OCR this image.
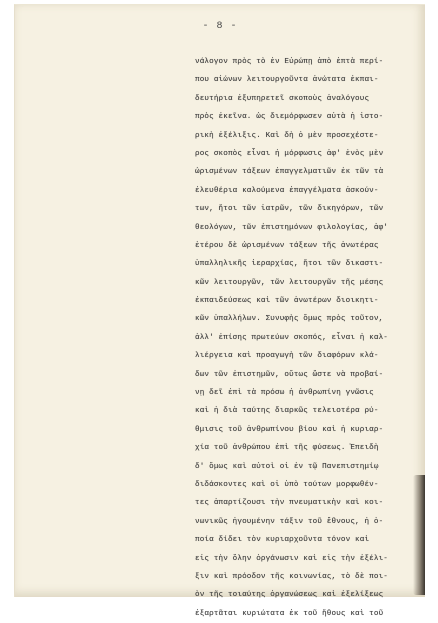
- 8 -
νάλογον πρὸς τὸ ἐν Εὐρώπῃ ἀπὸ ἑπτὰ περί-
που αἰώνων λειτουργοῦντα ἀνώτατα ἐκπαι-
δευτήρια ἐξυπηρετεῖ σκοποὺς ἀναλόγους
πρὸς ἐκεῖνα. ὡς διεμόρφωσεν αὐτὰ ἡ ἱστο-
ρικὴ ἐξέλιξις. Καὶ δὴ ὁ μὲν προσεχέστε-
ρος σκοπὸς εἶναι ἡ μόρφωσις ἀφ' ἑνὸς μὲν
ὡρισμένων τάξεων ἐπαγγελματιῶν ἐκ τῶν τὰ
ἐλευθέρια καλούμενα ἐπαγγέλματα ἀσκούν-
των, ἤτοι τῶν ἰατρῶν, τῶν δικηγόρων, τῶν
θεολόγων, τῶν ἐπιστημόνων φιλολογίας, ἀφ'
ἑτέρου δὲ ὡρισμένων τάξεων τῆς ἀνωτέρας
ὑπαλληλικῆς ἱεραρχίας, ἤτοι τῶν δικαστι-
κῶν λειτουργῶν, τῶν λειτουργῶν τῆς μέσης
ἐκπαιδεύσεως καὶ τῶν ἀνωτέρων διοικητι-
κῶν ὑπαλλήλων. Συνυφὴς ὅμως πρὸς τοῦτον,
ἀλλ' ἐπίσης πρωτεύων σκοπός, εἶναι ἡ καλ-
λιέργεια καὶ προαγωγὴ τῶν διαφόρων κλά-
δων τῶν ἐπιστημῶν, οὕτως ὥστε νὰ προβαί-
νῃ δεῖ ἐπὶ τὰ πρόσω ἡ ἀνθρωπίνη γνῶσις
καὶ ἡ διὰ ταύτης διαρκῶς τελειοτέρα ρύ-
θμισις τοῦ ἀνθρωπίνου βίου καὶ ἡ κυριαρ-
χία τοῦ ἀνθρώπου ἐπὶ τῆς φύσεως. Ἐπειδὴ
δ' ὅμως καὶ αὐτοὶ οἱ ἐν τῷ Πανεπιστημίῳ
διδάσκοντες καὶ οἱ ὑπὸ τούτων μορφωθέν-
τες ἀπαρτίζουσι τὴν πνευματικὴν καὶ κοι-
νωνικῶς ἡγουμένην τάξιν τοῦ ἔθνους, ἡ ὁ-
ποία δίδει τὸν κυριαρχοῦντα τόνον καὶ
εἰς τὴν ὅλην ὀργάνωσιν καὶ εἰς τὴν ἐξέλι-
ξιν καὶ πρόοδον τῆς κοινωνίας, τὸ δὲ ποι-
ὸν τῆς τοιαύτης ὀργανώσεως καὶ ἐξελίξεως
ἐξαρτᾶται κυριώτατα ἐκ τοῦ ἤθους καὶ τοῦ
